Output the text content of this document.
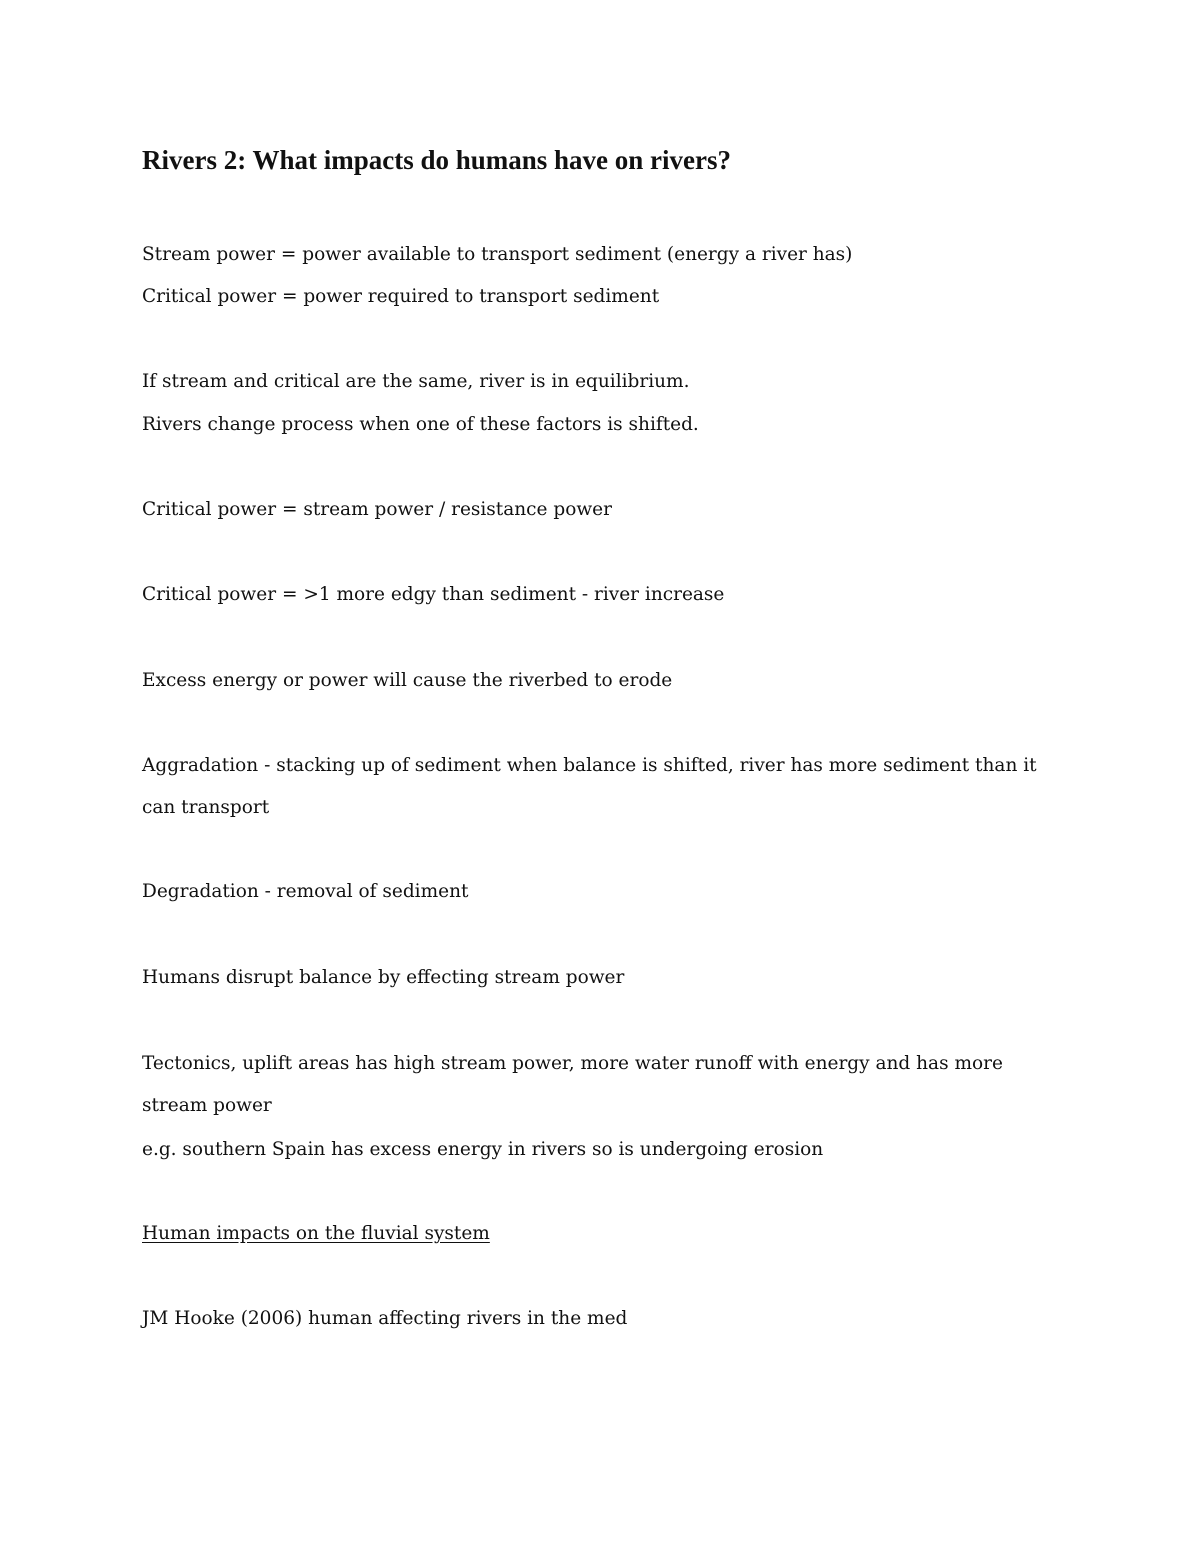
Rivers 2: What impacts do humans have on rivers?

Stream power = power available to transport sediment (energy a river has)

Critical power = power required to transport sediment

If stream and critical are the same, river is in equilibrium.

Rivers change process when one of these factors is shifted.

Critical power = stream power / resistance power

Critical power = >1 more edgy than sediment - river increase

Excess energy or power will cause the riverbed to erode

Aggradation - stacking up of sediment when balance is shifted, river has more sediment than it can transport

Degradation - removal of sediment

Humans disrupt balance by effecting stream power

Tectonics, uplift areas has high stream power, more water runoff with energy and has more stream power

e.g. southern Spain has excess energy in rivers so is undergoing erosion

Human impacts on the fluvial system

JM Hooke (2006) human affecting rivers in the med
